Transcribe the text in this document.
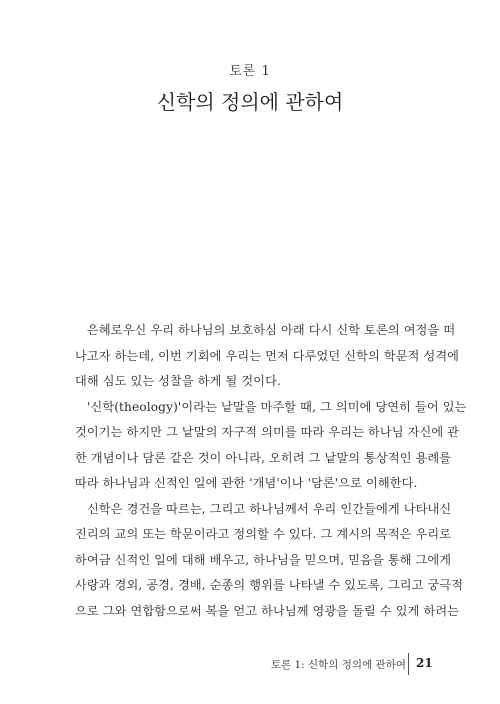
토론 1
신학의 정의에 관하여
은혜로우신 우리 하나님의 보호하심 아래 다시 신학 토론의 여정을 떠
나고자 하는데, 이번 기회에 우리는 먼저 다루었던 신학의 학문적 성격에
대해 심도 있는 성찰을 하게 될 것이다.
'신학(theology)'이라는 낱말을 마주할 때, 그 의미에 당연히 들어 있는
것이기는 하지만 그 낱말의 자구적 의미를 따라 우리는 하나님 자신에 관
한 개념이나 담론 같은 것이 아니라, 오히려 그 낱말의 통상적인 용례를
따라 하나님과 신적인 일에 관한 '개념'이나 '담론'으로 이해한다.
신학은 경건을 따르는, 그리고 하나님께서 우리 인간들에게 나타내신
진리의 교의 또는 학문이라고 정의할 수 있다. 그 계시의 목적은 우리로
하여금 신적인 일에 대해 배우고, 하나님을 믿으며, 믿음을 통해 그에게
사랑과 경외, 공경, 경배, 순종의 행위를 나타낼 수 있도록, 그리고 궁극적
으로 그와 연합함으로써 복을 얻고 하나님께 영광을 돌릴 수 있게 하려는
토론 1: 신학의 정의에 관하여 21
